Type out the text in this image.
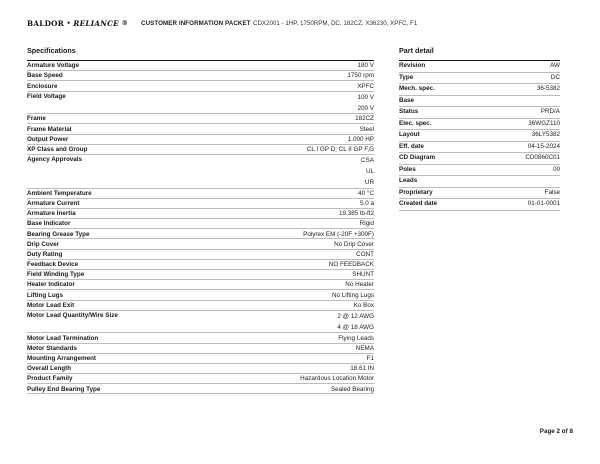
BALDOR • RELIANCE ® CUSTOMER INFORMATION PACKET CDX2001 - 1HP, 1750RPM, DC, 182CZ, X36230, XPFC, F1
Specifications
Armature Voltage	180 V
Base Speed	1750 rpm
Enclosure	XPFC
Field Voltage	100 V
200 V
Frame	182CZ
Frame Material	Steel
Output Power	1.000 HP
XP Class and Group	CL I GP D; CL II GP F,G
Agency Approvals	CSA
UL
UR
Ambient Temperature	40 °C
Armature Current	5.0 a
Armature Inertia	19.385 lb-ft2
Base Indicator	Rigid
Bearing Grease Type	Polyrex EM (-20F +300F)
Drip Cover	No Drip Cover
Duty Rating	CONT
Feedback Device	NO FEEDBACK
Field Winding Type	SHUNT
Heater Indicator	No Heater
Lifting Lugs	No Lifting Lugs
Motor Lead Exit	Ko Box
Motor Lead Quantity/Wire Size	2 @ 12 AWG
4 @ 18 AWG
Motor Lead Termination	Flying Leads
Motor Standards	NEMA
Mounting Arrangement	F1
Overall Length	18.61 IN
Product Family	Hazardous Location Motor
Pulley End Bearing Type	Sealed Bearing
Part detail
Revision	AW
Type	DC
Mech. spec.	36-5382
Base
Status	PRD/A
Elec. spec.	36WGZ110
Layout	36LY5382
Eff. date	04-15-2024
CD Diagram	CD0860C01
Poles	00
Leads
Proprietary	False
Created date	01-01-0001
Page 2 of 8
